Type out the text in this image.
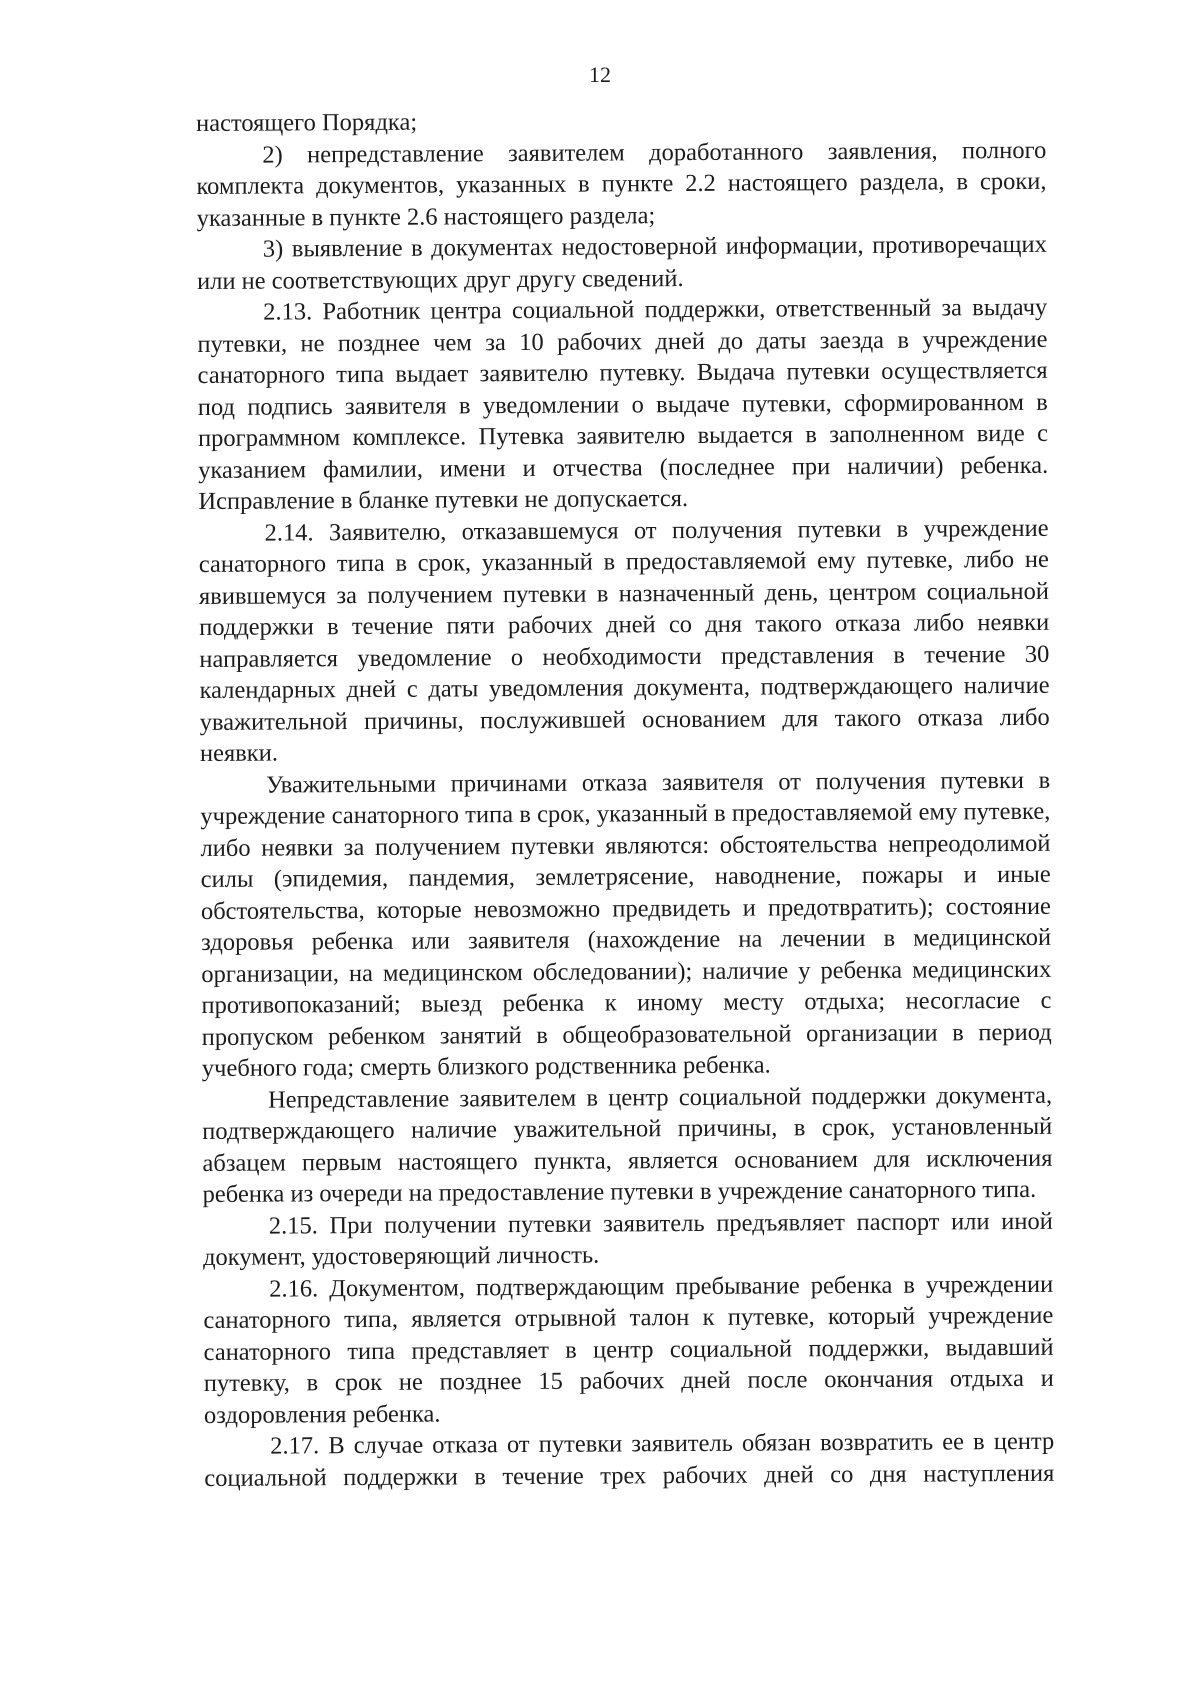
12

настоящего Порядка;

2) непредставление заявителем доработанного заявления, полного комплекта документов, указанных в пункте 2.2 настоящего раздела, в сроки, указанные в пункте 2.6 настоящего раздела;

3) выявление в документах недостоверной информации, противоречащих или не соответствующих друг другу сведений.

2.13. Работник центра социальной поддержки, ответственный за выдачу путевки, не позднее чем за 10 рабочих дней до даты заезда в учреждение санаторного типа выдает заявителю путевку. Выдача путевки осуществляется под подпись заявителя в уведомлении о выдаче путевки, сформированном в программном комплексе. Путевка заявителю выдается в заполненном виде с указанием фамилии, имени и отчества (последнее при наличии) ребенка. Исправление в бланке путевки не допускается.

2.14. Заявителю, отказавшемуся от получения путевки в учреждение санаторного типа в срок, указанный в предоставляемой ему путевке, либо не явившемуся за получением путевки в назначенный день, центром социальной поддержки в течение пяти рабочих дней со дня такого отказа либо неявки направляется уведомление о необходимости представления в течение 30 календарных дней с даты уведомления документа, подтверждающего наличие уважительной причины, послужившей основанием для такого отказа либо неявки.

Уважительными причинами отказа заявителя от получения путевки в учреждение санаторного типа в срок, указанный в предоставляемой ему путевке, либо неявки за получением путевки являются: обстоятельства непреодолимой силы (эпидемия, пандемия, землетрясение, наводнение, пожары и иные обстоятельства, которые невозможно предвидеть и предотвратить); состояние здоровья ребенка или заявителя (нахождение на лечении в медицинской организации, на медицинском обследовании); наличие у ребенка медицинских противопоказаний; выезд ребенка к иному месту отдыха; несогласие с пропуском ребенком занятий в общеобразовательной организации в период учебного года; смерть близкого родственника ребенка.

Непредставление заявителем в центр социальной поддержки документа, подтверждающего наличие уважительной причины, в срок, установленный абзацем первым настоящего пункта, является основанием для исключения ребенка из очереди на предоставление путевки в учреждение санаторного типа.

2.15. При получении путевки заявитель предъявляет паспорт или иной документ, удостоверяющий личность.

2.16. Документом, подтверждающим пребывание ребенка в учреждении санаторного типа, является отрывной талон к путевке, который учреждение санаторного типа представляет в центр социальной поддержки, выдавший путевку, в срок не позднее 15 рабочих дней после окончания отдыха и оздоровления ребенка.

2.17. В случае отказа от путевки заявитель обязан возвратить ее в центр социальной поддержки в течение трех рабочих дней со дня наступления
